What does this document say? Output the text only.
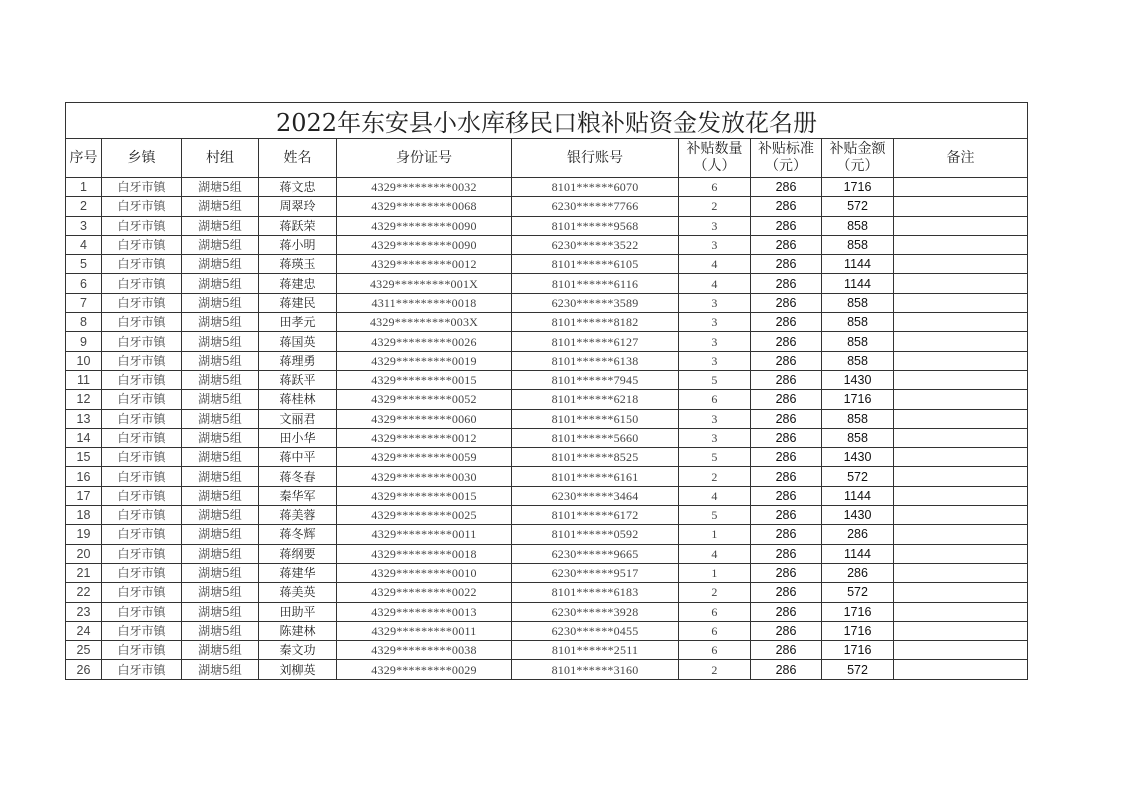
2022年东安县小水库移民口粮补贴资金发放花名册									
序号	乡镇	村组	姓名	身份证号	银行账号	补贴数量（人）	补贴标准（元）	补贴金额（元）	备注
1	白牙市镇	湖塘5组	蒋文忠	4329*********0032	8101******6070	6	286	1716	
2	白牙市镇	湖塘5组	周翠玲	4329*********0068	6230******7766	2	286	572	
3	白牙市镇	湖塘5组	蒋跃荣	4329*********0090	8101******9568	3	286	858	
4	白牙市镇	湖塘5组	蒋小明	4329*********0090	6230******3522	3	286	858	
5	白牙市镇	湖塘5组	蒋瑛玉	4329*********0012	8101******6105	4	286	1144	
6	白牙市镇	湖塘5组	蒋建忠	4329*********001X	8101******6116	4	286	1144	
7	白牙市镇	湖塘5组	蒋建民	4311*********0018	6230******3589	3	286	858	
8	白牙市镇	湖塘5组	田孝元	4329*********003X	8101******8182	3	286	858	
9	白牙市镇	湖塘5组	蒋国英	4329*********0026	8101******6127	3	286	858	
10	白牙市镇	湖塘5组	蒋理勇	4329*********0019	8101******6138	3	286	858	
11	白牙市镇	湖塘5组	蒋跃平	4329*********0015	8101******7945	5	286	1430	
12	白牙市镇	湖塘5组	蒋桂林	4329*********0052	8101******6218	6	286	1716	
13	白牙市镇	湖塘5组	文丽君	4329*********0060	8101******6150	3	286	858	
14	白牙市镇	湖塘5组	田小华	4329*********0012	8101******5660	3	286	858	
15	白牙市镇	湖塘5组	蒋中平	4329*********0059	8101******8525	5	286	1430	
16	白牙市镇	湖塘5组	蒋冬春	4329*********0030	8101******6161	2	286	572	
17	白牙市镇	湖塘5组	秦华军	4329*********0015	6230******3464	4	286	1144	
18	白牙市镇	湖塘5组	蒋美蓉	4329*********0025	8101******6172	5	286	1430	
19	白牙市镇	湖塘5组	蒋冬辉	4329*********0011	8101******0592	1	286	286	
20	白牙市镇	湖塘5组	蒋纲要	4329*********0018	6230******9665	4	286	1144	
21	白牙市镇	湖塘5组	蒋建华	4329*********0010	6230******9517	1	286	286	
22	白牙市镇	湖塘5组	蒋美英	4329*********0022	8101******6183	2	286	572	
23	白牙市镇	湖塘5组	田助平	4329*********0013	6230******3928	6	286	1716	
24	白牙市镇	湖塘5组	陈建林	4329*********0011	6230******0455	6	286	1716	
25	白牙市镇	湖塘5组	秦文功	4329*********0038	8101******2511	6	286	1716	
26	白牙市镇	湖塘5组	刘柳英	4329*********0029	8101******3160	2	286	572	
